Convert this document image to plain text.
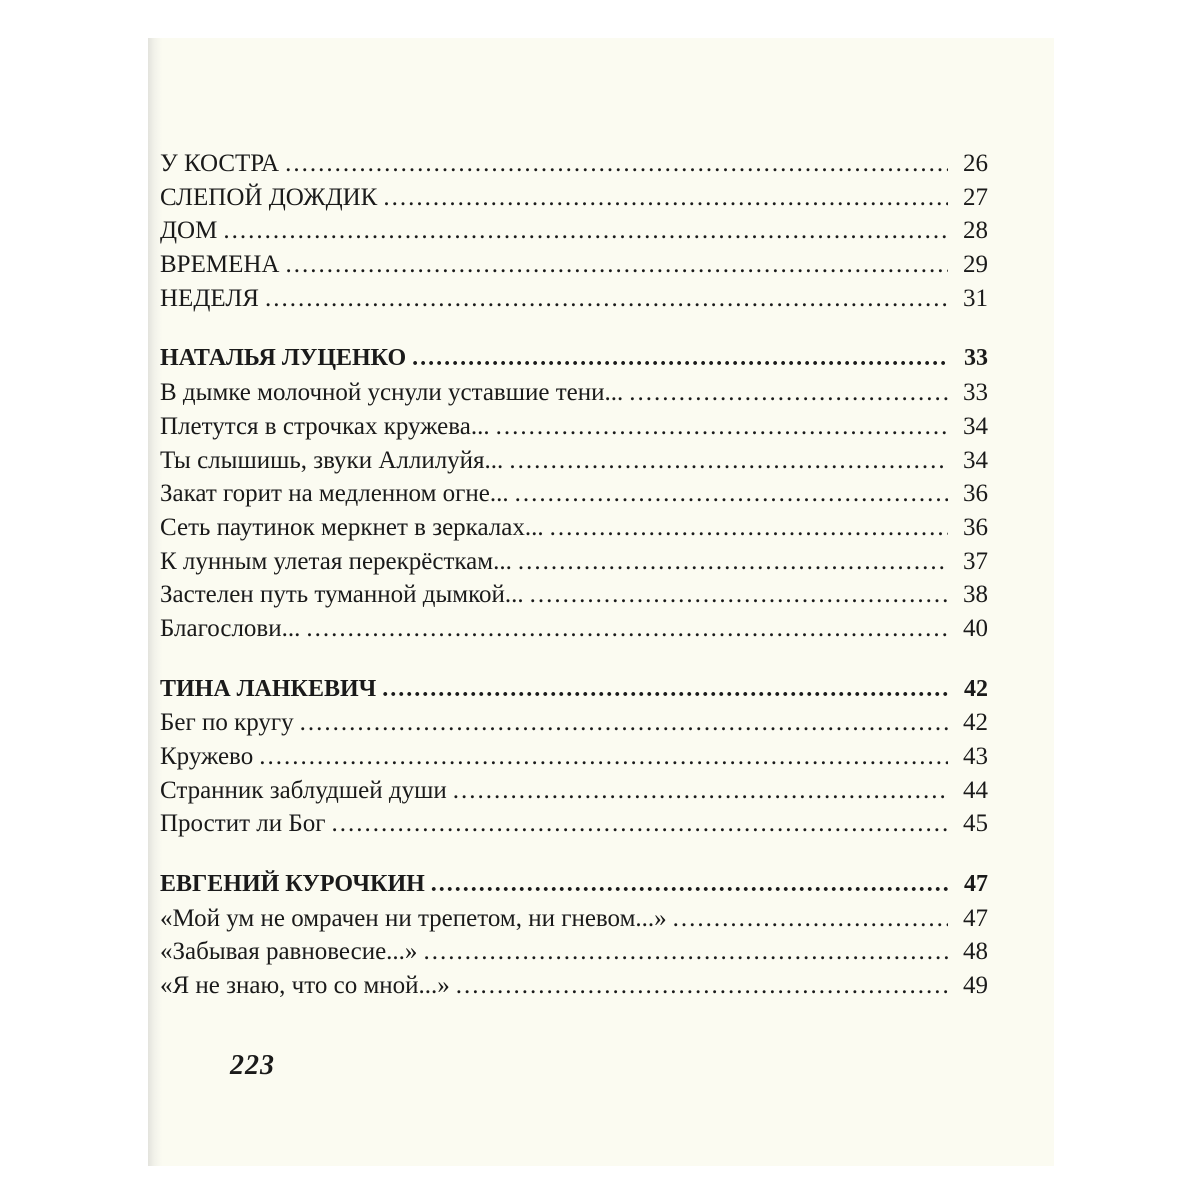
У КОСТРА .....	26
СЛЕПОЙ ДОЖДИК .....	27
ДОМ .....	28
ВРЕМЕНА .....	29
НЕДЕЛЯ .....	31
НАТАЛЬЯ ЛУЦЕНКО .....	33
В дымке молочной уснули уставшие тени... .....	33
Плетутся в строчках кружева... .....	34
Ты слышишь, звуки Аллилуйя... .....	34
Закат горит на медленном огне... .....	36
Сеть паутинок меркнет в зеркалах... .....	36
К лунным улетая перекрёсткам... .....	37
Застелен путь туманной дымкой... .....	38
Благослови... .....	40
ТИНА ЛАНКЕВИЧ .....	42
Бег по кругу .....	42
Кружево .....	43
Странник заблудшей души .....	44
Простит ли Бог .....	45
ЕВГЕНИЙ КУРОЧКИН .....	47
«Мой ум не омрачен ни трепетом, ни гневом...» .....	47
«Забывая равновесие...» .....	48
«Я не знаю, что со мной...» .....	49
223
